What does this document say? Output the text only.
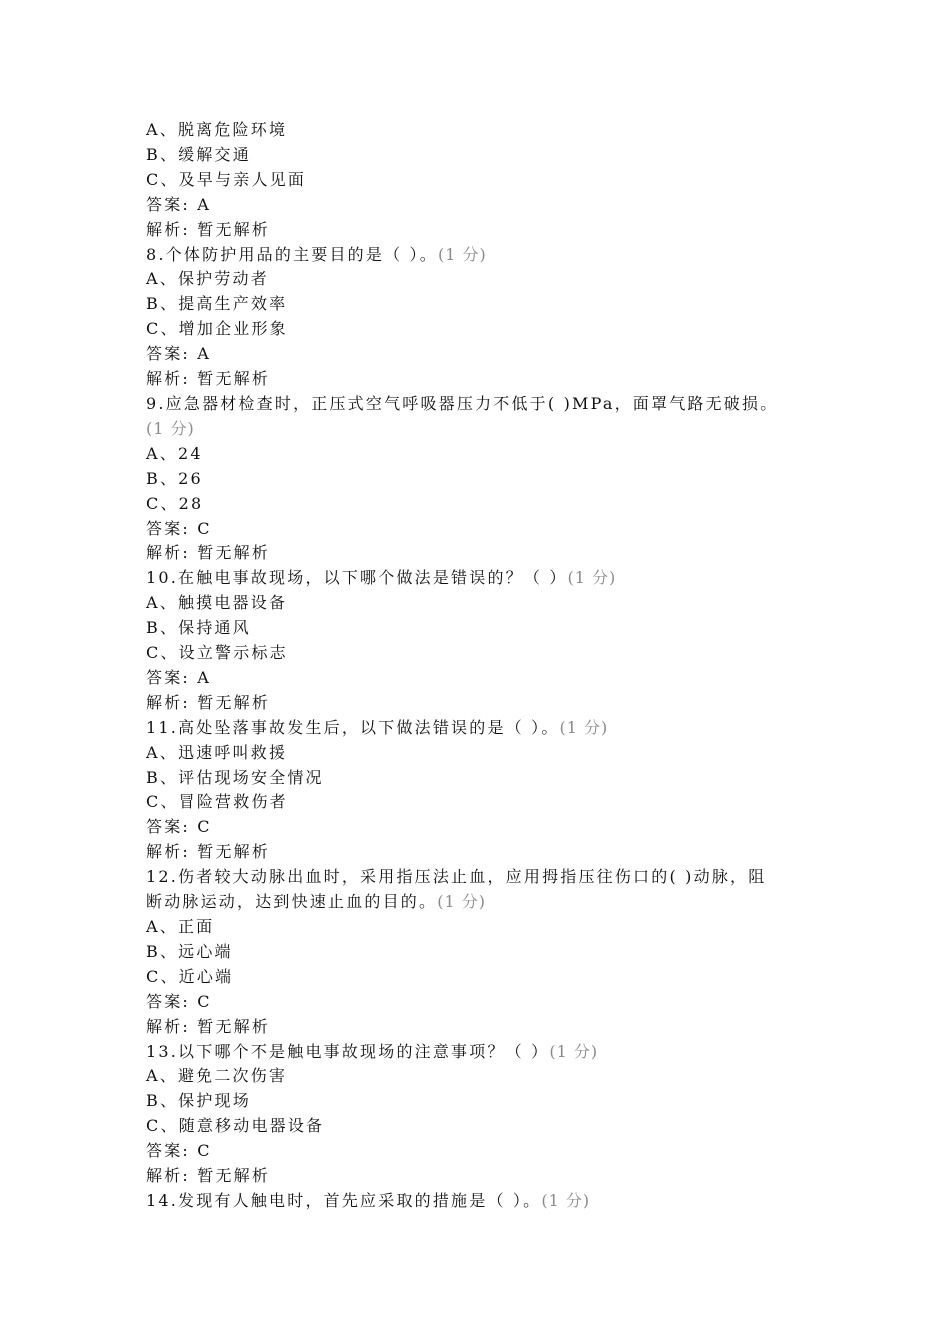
A、脱离危险环境
B、缓解交通
C、及早与亲人见面
答案: A
解析: 暂无解析
8.个体防护用品的主要目的是（ ）。(1 分)
A、保护劳动者
B、提高生产效率
C、增加企业形象
答案: A
解析: 暂无解析
9.应急器材检查时，正压式空气呼吸器压力不低于( )MPa，面罩气路无破损。
(1 分)
A、24
B、26
C、28
答案: C
解析: 暂无解析
10.在触电事故现场，以下哪个做法是错误的？（ ）(1 分)
A、触摸电器设备
B、保持通风
C、设立警示标志
答案: A
解析: 暂无解析
11.高处坠落事故发生后，以下做法错误的是（ ）。(1 分)
A、迅速呼叫救援
B、评估现场安全情况
C、冒险营救伤者
答案: C
解析: 暂无解析
12.伤者较大动脉出血时，采用指压法止血，应用拇指压往伤口的( )动脉，阻
断动脉运动，达到快速止血的目的。(1 分)
A、正面
B、远心端
C、近心端
答案: C
解析: 暂无解析
13.以下哪个不是触电事故现场的注意事项？（ ）(1 分)
A、避免二次伤害
B、保护现场
C、随意移动电器设备
答案: C
解析: 暂无解析
14.发现有人触电时，首先应采取的措施是（ ）。(1 分)
